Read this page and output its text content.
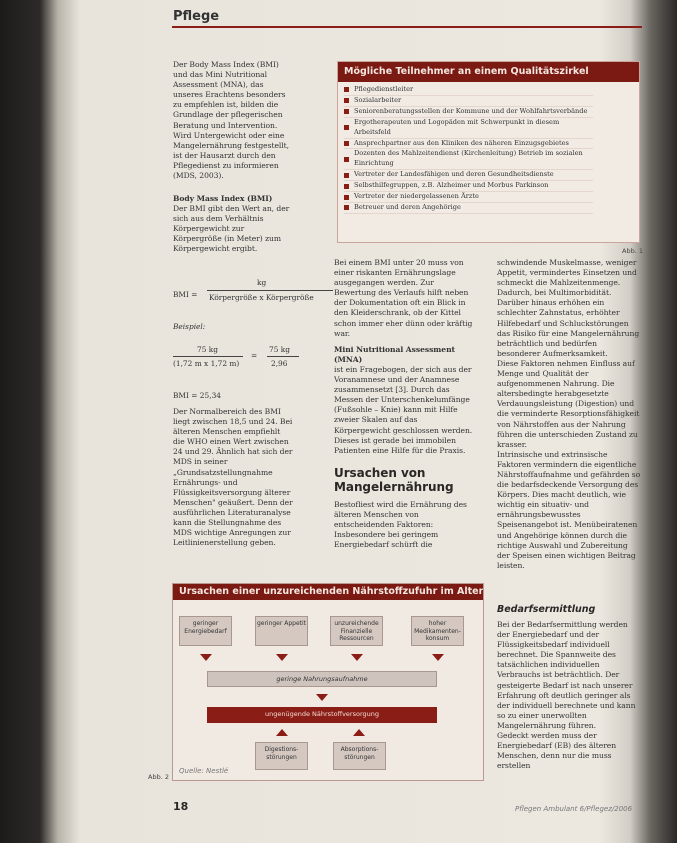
Pflege

Der Body Mass Index (BMI) und das Mini Nutritional Assessment (MNA), das unseres Erachtens besonders zu empfehlen ist, bilden die Grundlage der pflegerischen Beratung und Intervention. Wird Untergewicht oder eine Mangelernährung festgestellt, ist der Hausarzt durch den Pflegedienst zu informieren (MDS, 2003).

Body Mass Index (BMI)

Der BMI gibt den Wert an, der sich aus dem Verhältnis Körpergewicht zur Körpergröße (in Meter) zum Körpergewicht ergibt.

BMI =
kg
Körpergröße x Körpergröße
Beispiel:
75 kg
(1,72 m x 1,72 m)
=
75 kg
2,96
BMI = 25,34

Der Normalbereich des BMI liegt zwischen 18,5 und 24. Bei älteren Menschen empfiehlt die WHO einen Wert zwischen 24 und 29. Ähnlich hat sich der MDS in seiner „Grundsatzstellungnahme Ernährungs- und Flüssigkeitsversorgung älterer Menschen" geäußert. Denn der ausführlichen Literaturanalyse kann die Stellungnahme des MDS wichtige Anregungen zur Leitlinienerstellung geben.

Mögliche Teilnehmer an einem Qualitätszirkel
Pflegedienstleiter
Sozialarbeiter
Seniorenberatungsstellen der Kommune und der Wohlfahrtsverbände
Ergotherapeuten und Logopäden mit Schwerpunkt in diesem Arbeitsfeld
Ansprechpartner aus den Kliniken des näheren Einzugsgebietes
Dozenten des Mahlzeitendienst (Kirchenleitung) Betrieb im sozialen Einrichtung
Vertreter der Landesfähigen und deren Gesundheitsdienste
Selbsthilfegruppen, z.B. Alzheimer und Morbus Parkinson
Vertreter der niedergelassenen Ärzte
Betreuer und deren Angehörige
Abb. 1

Bei einem BMI unter 20 muss von einer riskanten Ernährungslage ausgegangen werden. Zur Bewertung des Verlaufs hilft neben der Dokumentation oft ein Blick in den Kleiderschrank, ob der Kittel schon immer eher dünn oder kräftig war.

Mini Nutritional Assessment (MNA)

ist ein Fragebogen, der sich aus der Voranamnese und der Anamnese zusammensetzt [3]. Durch das Messen der Unterschenkelumfänge (Fußsohle – Knie) kann mit Hilfe zweier Skalen auf das Körpergewicht geschlossen werden. Dieses ist gerade bei immobilen Patienten eine Hilfe für die Praxis.

Ursachen von Mangelernährung

Bestofliest wird die Ernährung des älteren Menschen von entscheidenden Faktoren: Insbesondere bei geringem Energiebedarf schürft die

schwindende Muskelmasse, weniger Appetit, vermindertes Einsetzen und schmeckt die Mahlzeitenmenge. Dadurch, bei Multimorbidität. Darüber hinaus erhöhen ein schlechter Zahnstatus, erhöhter Hilfebedarf und Schluckstörungen das Risiko für eine Mangelernährung beträchtlich und bedürfen besonderer Aufmerksamkeit.

Diese Faktoren nehmen Einfluss auf Menge und Qualität der aufgenommenen Nahrung. Die altersbedingte herabgesetzte Verdauungsleistung (Digestion) und die verminderte Resorptionsfähigkeit von Nährstoffen aus der Nahrung führen die unterschieden Zustand zu krasser.

Intrinsische und extrinsische Faktoren vermindern die eigentliche Nährstoffaufnahme und gefährden so die bedarfsdeckende Versorgung des Körpers. Dies macht deutlich, wie wichtig ein situativ- und ernährungsbewusstes Speisenangebot ist. Menübeiratenen und Angehörige können durch die richtige Auswahl und Zubereitung der Speisen einen wichtigen Beitrag leisten.

Bedarfsermittlung

Bei der Bedarfsermittlung werden der Energiebedarf und der Flüssigkeitsbedarf individuell berechnet. Die Spannweite des tatsächlichen individuellen Verbrauchs ist beträchtlich. Der gesteigerte Bedarf ist nach unserer Erfahrung oft deutlich geringer als der individuell berechnete und kann so zu einer unerwollten Mangelernährung führen.

Gedeckt werden muss der Energiebedarf (EB) des älteren Menschen, denn nur die muss erstellen

Ursachen einer unzureichenden Nährstoffzufuhr im Alter
geringer Energiebedarf
geringer Appetit	unzureichende Finanzielle Ressourcen
hoher Medikamenten-konsum
geringe Nahrungsaufnahme
ungenügende Nährstoffversorgung
Digestions-störungen
Absorptions-störungen
Quelle: Nestlé
Abb. 2
18	Pflegen Ambulant 6/Pflegez/2006
